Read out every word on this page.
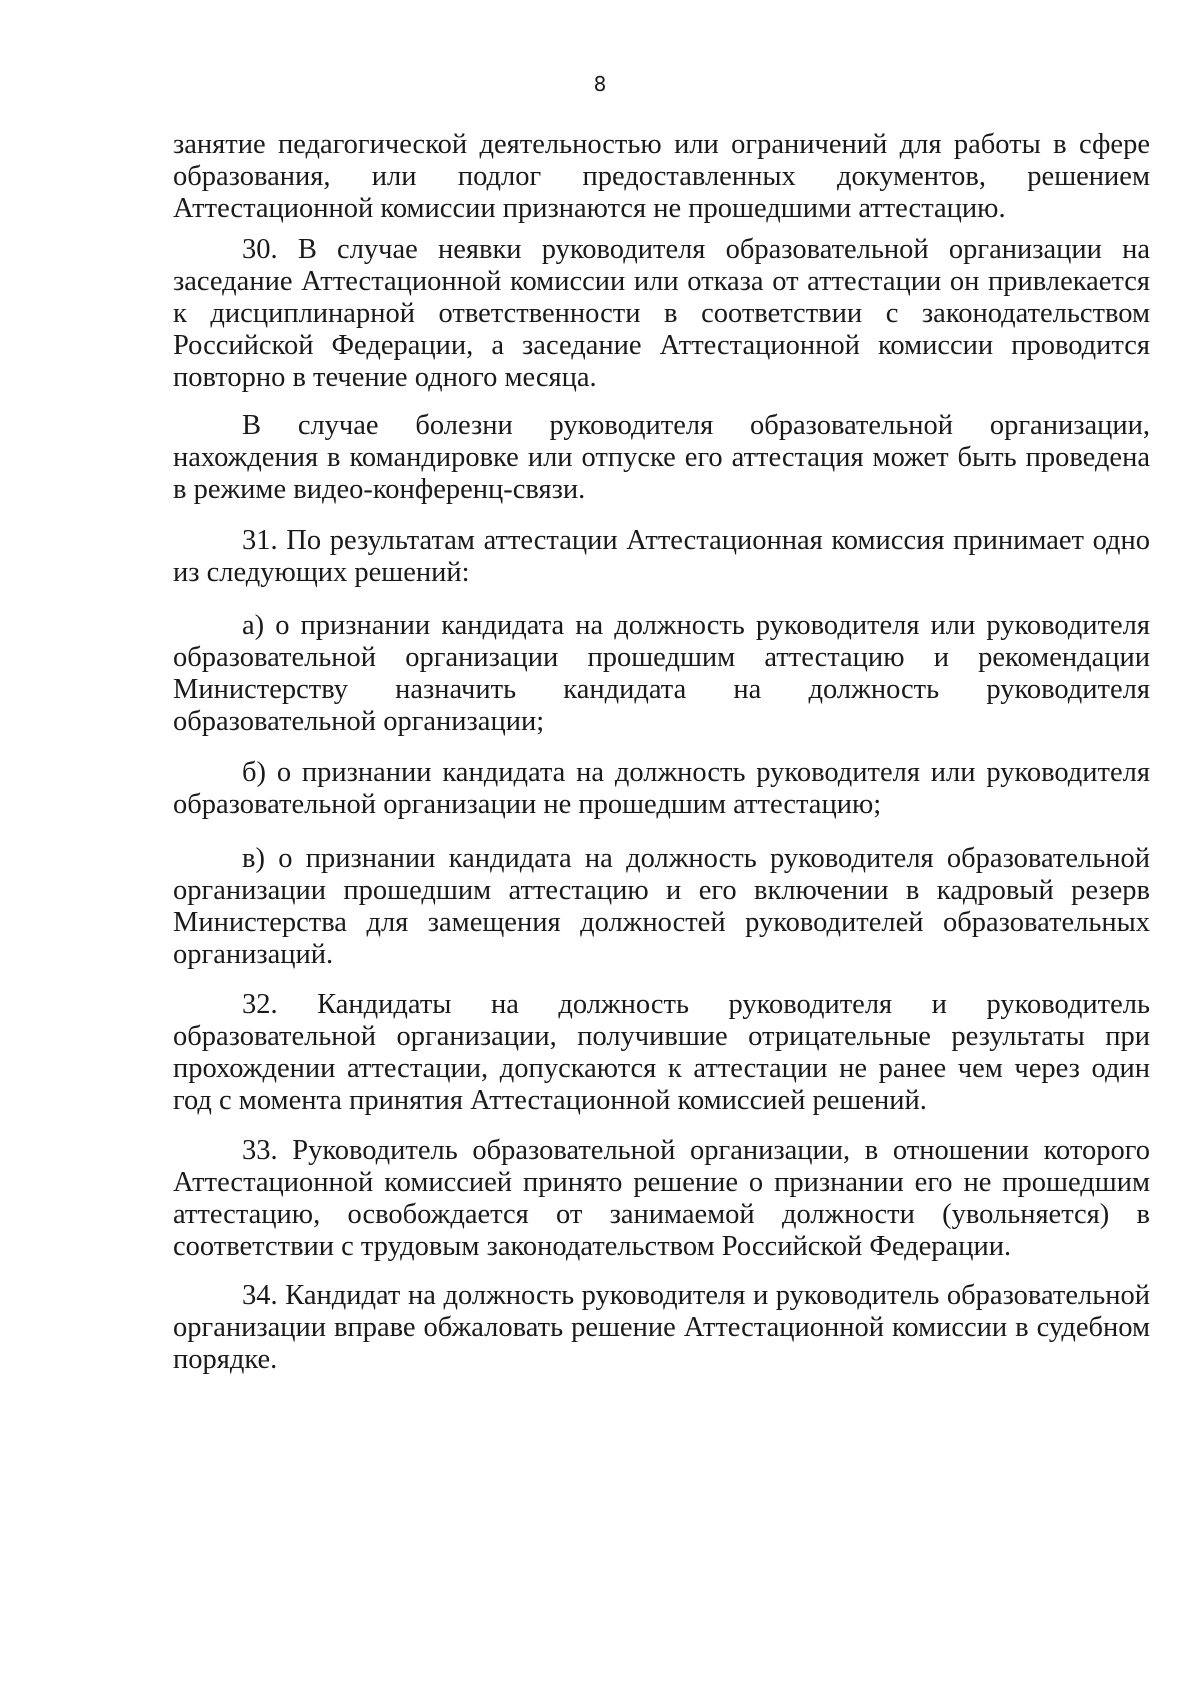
8

занятие педагогической деятельностью или ограничений для работы в сфере образования, или подлог предоставленных документов, решением Аттестационной комиссии признаются не прошедшими аттестацию.

30. В случае неявки руководителя образовательной организации на заседание Аттестационной комиссии или отказа от аттестации он привлекается к дисциплинарной ответственности в соответствии с законодательством Российской Федерации, а заседание Аттестационной комиссии проводится повторно в течение одного месяца.

В случае болезни руководителя образовательной организации, нахождения в командировке или отпуске его аттестация может быть проведена в режиме видео-конференц-связи.

31. По результатам аттестации Аттестационная комиссия принимает одно из следующих решений:

а) о признании кандидата на должность руководителя или руководителя образовательной организации прошедшим аттестацию и рекомендации Министерству назначить кандидата на должность руководителя образовательной организации;

б) о признании кандидата на должность руководителя или руководителя образовательной организации не прошедшим аттестацию;

в) о признании кандидата на должность руководителя образовательной организации прошедшим аттестацию и его включении в кадровый резерв Министерства для замещения должностей руководителей образовательных организаций.

32. Кандидаты на должность руководителя и руководитель образовательной организации, получившие отрицательные результаты при прохождении аттестации, допускаются к аттестации не ранее чем через один год с момента принятия Аттестационной комиссией решений.

33. Руководитель образовательной организации, в отношении которого Аттестационной комиссией принято решение о признании его не прошедшим аттестацию, освобождается от занимаемой должности (увольняется) в соответствии с трудовым законодательством Российской Федерации.

34. Кандидат на должность руководителя и руководитель образовательной организации вправе обжаловать решение Аттестационной комиссии в судебном порядке.
